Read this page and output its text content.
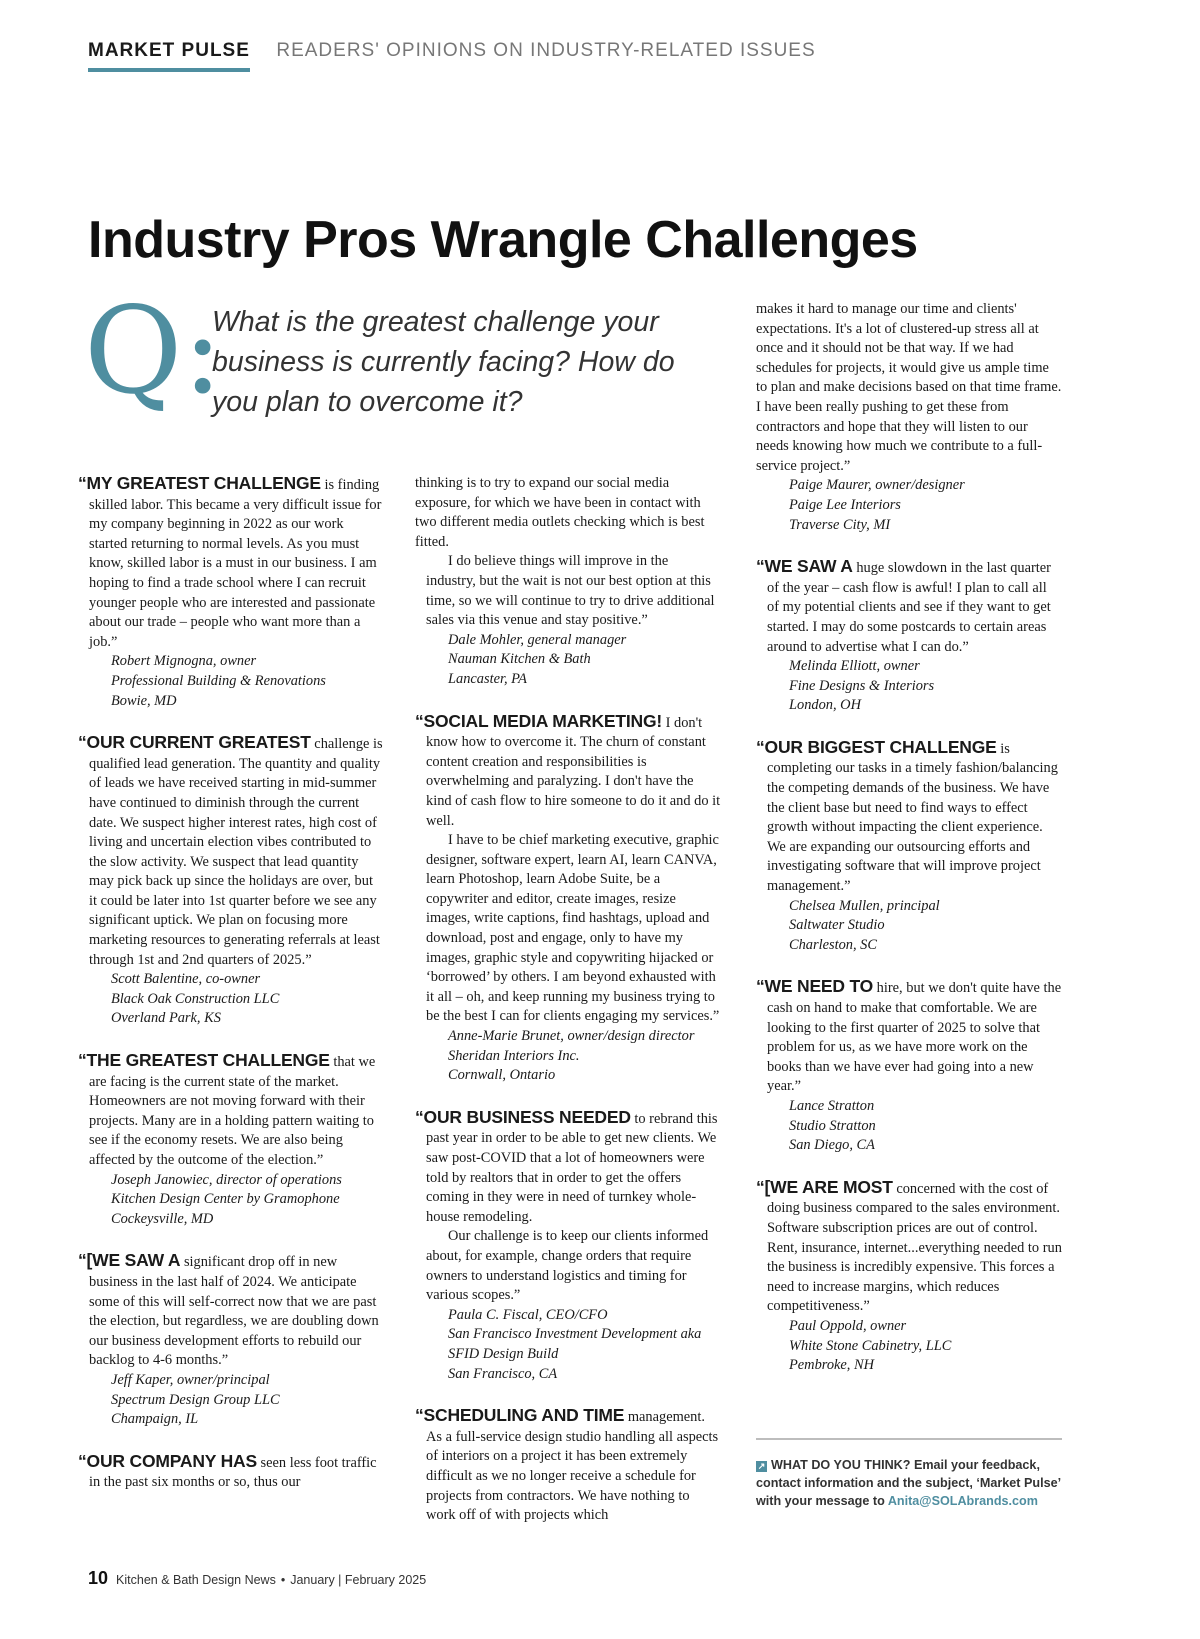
MARKET PULSE READERS' OPINIONS ON INDUSTRY-RELATED ISSUES
Industry Pros Wrangle Challenges
Q:

What is the greatest challenge your business is currently facing? How do you plan to overcome it?

“MY GREATEST CHALLENGE is finding skilled labor. This became a very difficult issue for my company beginning in 2022 as our work started returning to normal levels. As you must know, skilled labor is a must in our business. I am hoping to find a trade school where I can recruit younger people who are interested and passionate about our trade – people who want more than a job.”

Robert Mignogna, owner
Professional Building & Renovations
Bowie, MD

“OUR CURRENT GREATEST challenge is qualified lead generation. The quantity and quality of leads we have received starting in mid-summer have continued to diminish through the current date. We suspect higher interest rates, high cost of living and uncertain election vibes contributed to the slow activity. We suspect that lead quantity may pick back up since the holidays are over, but it could be later into 1st quarter before we see any significant uptick. We plan on focusing more marketing resources to generating referrals at least through 1st and 2nd quarters of 2025.”

Scott Balentine, co-owner
Black Oak Construction LLC
Overland Park, KS

“THE GREATEST CHALLENGE that we are facing is the current state of the market. Homeowners are not moving forward with their projects. Many are in a holding pattern waiting to see if the economy resets. We are also being affected by the outcome of the election.”

Joseph Janowiec, director of operations
Kitchen Design Center by Gramophone
Cockeysville, MD

“[WE SAW A significant drop off in new business in the last half of 2024. We anticipate some of this will self-correct now that we are past the election, but regardless, we are doubling down our business development efforts to rebuild our backlog to 4-6 months.”

Jeff Kaper, owner/principal
Spectrum Design Group LLC
Champaign, IL

“OUR COMPANY HAS seen less foot traffic in the past six months or so, thus our

thinking is to try to expand our social media exposure, for which we have been in contact with two different media outlets checking which is best fitted.

I do believe things will improve in the industry, but the wait is not our best option at this time, so we will continue to try to drive additional sales via this venue and stay positive.”

Dale Mohler, general manager
Nauman Kitchen & Bath
Lancaster, PA

“SOCIAL MEDIA MARKETING! I don't know how to overcome it. The churn of constant content creation and responsibilities is overwhelming and paralyzing. I don't have the kind of cash flow to hire someone to do it and do it well.

I have to be chief marketing executive, graphic designer, software expert, learn AI, learn CANVA, learn Photoshop, learn Adobe Suite, be a copywriter and editor, create images, resize images, write captions, find hashtags, upload and download, post and engage, only to have my images, graphic style and copywriting hijacked or ‘borrowed’ by others. I am beyond exhausted with it all – oh, and keep running my business trying to be the best I can for clients engaging my services.”

Anne-Marie Brunet, owner/design director
Sheridan Interiors Inc.
Cornwall, Ontario

“OUR BUSINESS NEEDED to rebrand this past year in order to be able to get new clients. We saw post-COVID that a lot of homeowners were told by realtors that in order to get the offers coming in they were in need of turnkey whole-house remodeling.

Our challenge is to keep our clients informed about, for example, change orders that require owners to understand logistics and timing for various scopes.”

Paula C. Fiscal, CEO/CFO
San Francisco Investment Development aka
SFID Design Build
San Francisco, CA

“SCHEDULING AND TIME management. As a full-service design studio handling all aspects of interiors on a project it has been extremely difficult as we no longer receive a schedule for projects from contractors. We have nothing to work off of with projects which

makes it hard to manage our time and clients' expectations. It's a lot of clustered-up stress all at once and it should not be that way. If we had schedules for projects, it would give us ample time to plan and make decisions based on that time frame. I have been really pushing to get these from contractors and hope that they will listen to our needs knowing how much we contribute to a full-service project.”

Paige Maurer, owner/designer
Paige Lee Interiors
Traverse City, MI

“WE SAW A huge slowdown in the last quarter of the year – cash flow is awful! I plan to call all of my potential clients and see if they want to get started. I may do some postcards to certain areas around to advertise what I can do.”

Melinda Elliott, owner
Fine Designs & Interiors
London, OH

“OUR BIGGEST CHALLENGE is completing our tasks in a timely fashion/balancing the competing demands of the business. We have the client base but need to find ways to effect growth without impacting the client experience. We are expanding our outsourcing efforts and investigating software that will improve project management.”

Chelsea Mullen, principal
Saltwater Studio
Charleston, SC

“WE NEED TO hire, but we don't quite have the cash on hand to make that comfortable. We are looking to the first quarter of 2025 to solve that problem for us, as we have more work on the books than we have ever had going into a new year.”

Lance Stratton
Studio Stratton
San Diego, CA

“[WE ARE MOST concerned with the cost of doing business compared to the sales environment. Software subscription prices are out of control. Rent, insurance, internet...everything needed to run the business is incredibly expensive. This forces a need to increase margins, which reduces competitiveness.”

Paul Oppold, owner
White Stone Cabinetry, LLC
Pembroke, NH
↗ WHAT DO YOU THINK? Email your feedback, contact information and the subject, ‘Market Pulse’ with your message to Anita@SOLAbrands.com
10 Kitchen & Bath Design News • January | February 2025
